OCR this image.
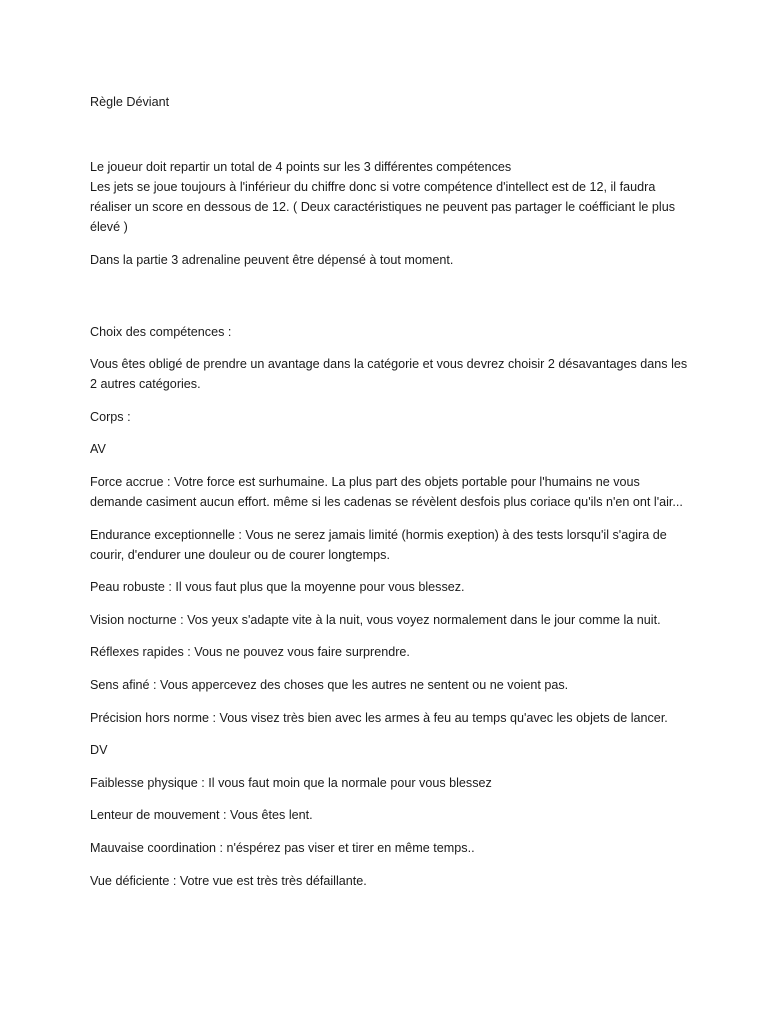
Règle Déviant

Le joueur doit repartir un total de 4 points sur les 3 différentes compétences

Les jets se joue toujours à l'inférieur du chiffre donc si votre compétence d'intellect est de 12, il faudra réaliser un score en dessous de 12. ( Deux caractéristiques ne peuvent pas partager le coéfficiant le plus élevé )

Dans la partie 3 adrenaline peuvent être dépensé à tout moment.

Choix des compétences :

Vous êtes obligé de prendre un avantage dans la catégorie et vous devrez choisir 2 désavantages dans les 2 autres catégories.

Corps :

AV

Force accrue : Votre force est surhumaine. La plus part des objets portable pour l'humains ne vous demande casiment aucun effort. même si les cadenas se révèlent desfois plus coriace qu'ils n'en ont l'air...

Endurance exceptionnelle : Vous ne serez jamais limité (hormis exeption) à des tests lorsqu'il s'agira de courir, d'endurer une douleur ou de courer longtemps.

Peau robuste : Il vous faut plus que la moyenne pour vous blessez.

Vision nocturne : Vos yeux s'adapte vite à la nuit, vous voyez normalement dans le jour comme la nuit.

Réflexes rapides : Vous ne pouvez vous faire surprendre.

Sens afiné : Vous appercevez des choses que les autres ne sentent ou ne voient pas.

Précision hors norme : Vous visez très bien avec les armes à feu au temps qu'avec les objets de lancer.

DV

Faiblesse physique : Il vous faut moin que la normale pour vous blessez

Lenteur de mouvement : Vous êtes lent.

Mauvaise coordination : n'éspérez pas viser et tirer en même temps..

Vue déficiente : Votre vue est très très défaillante.
